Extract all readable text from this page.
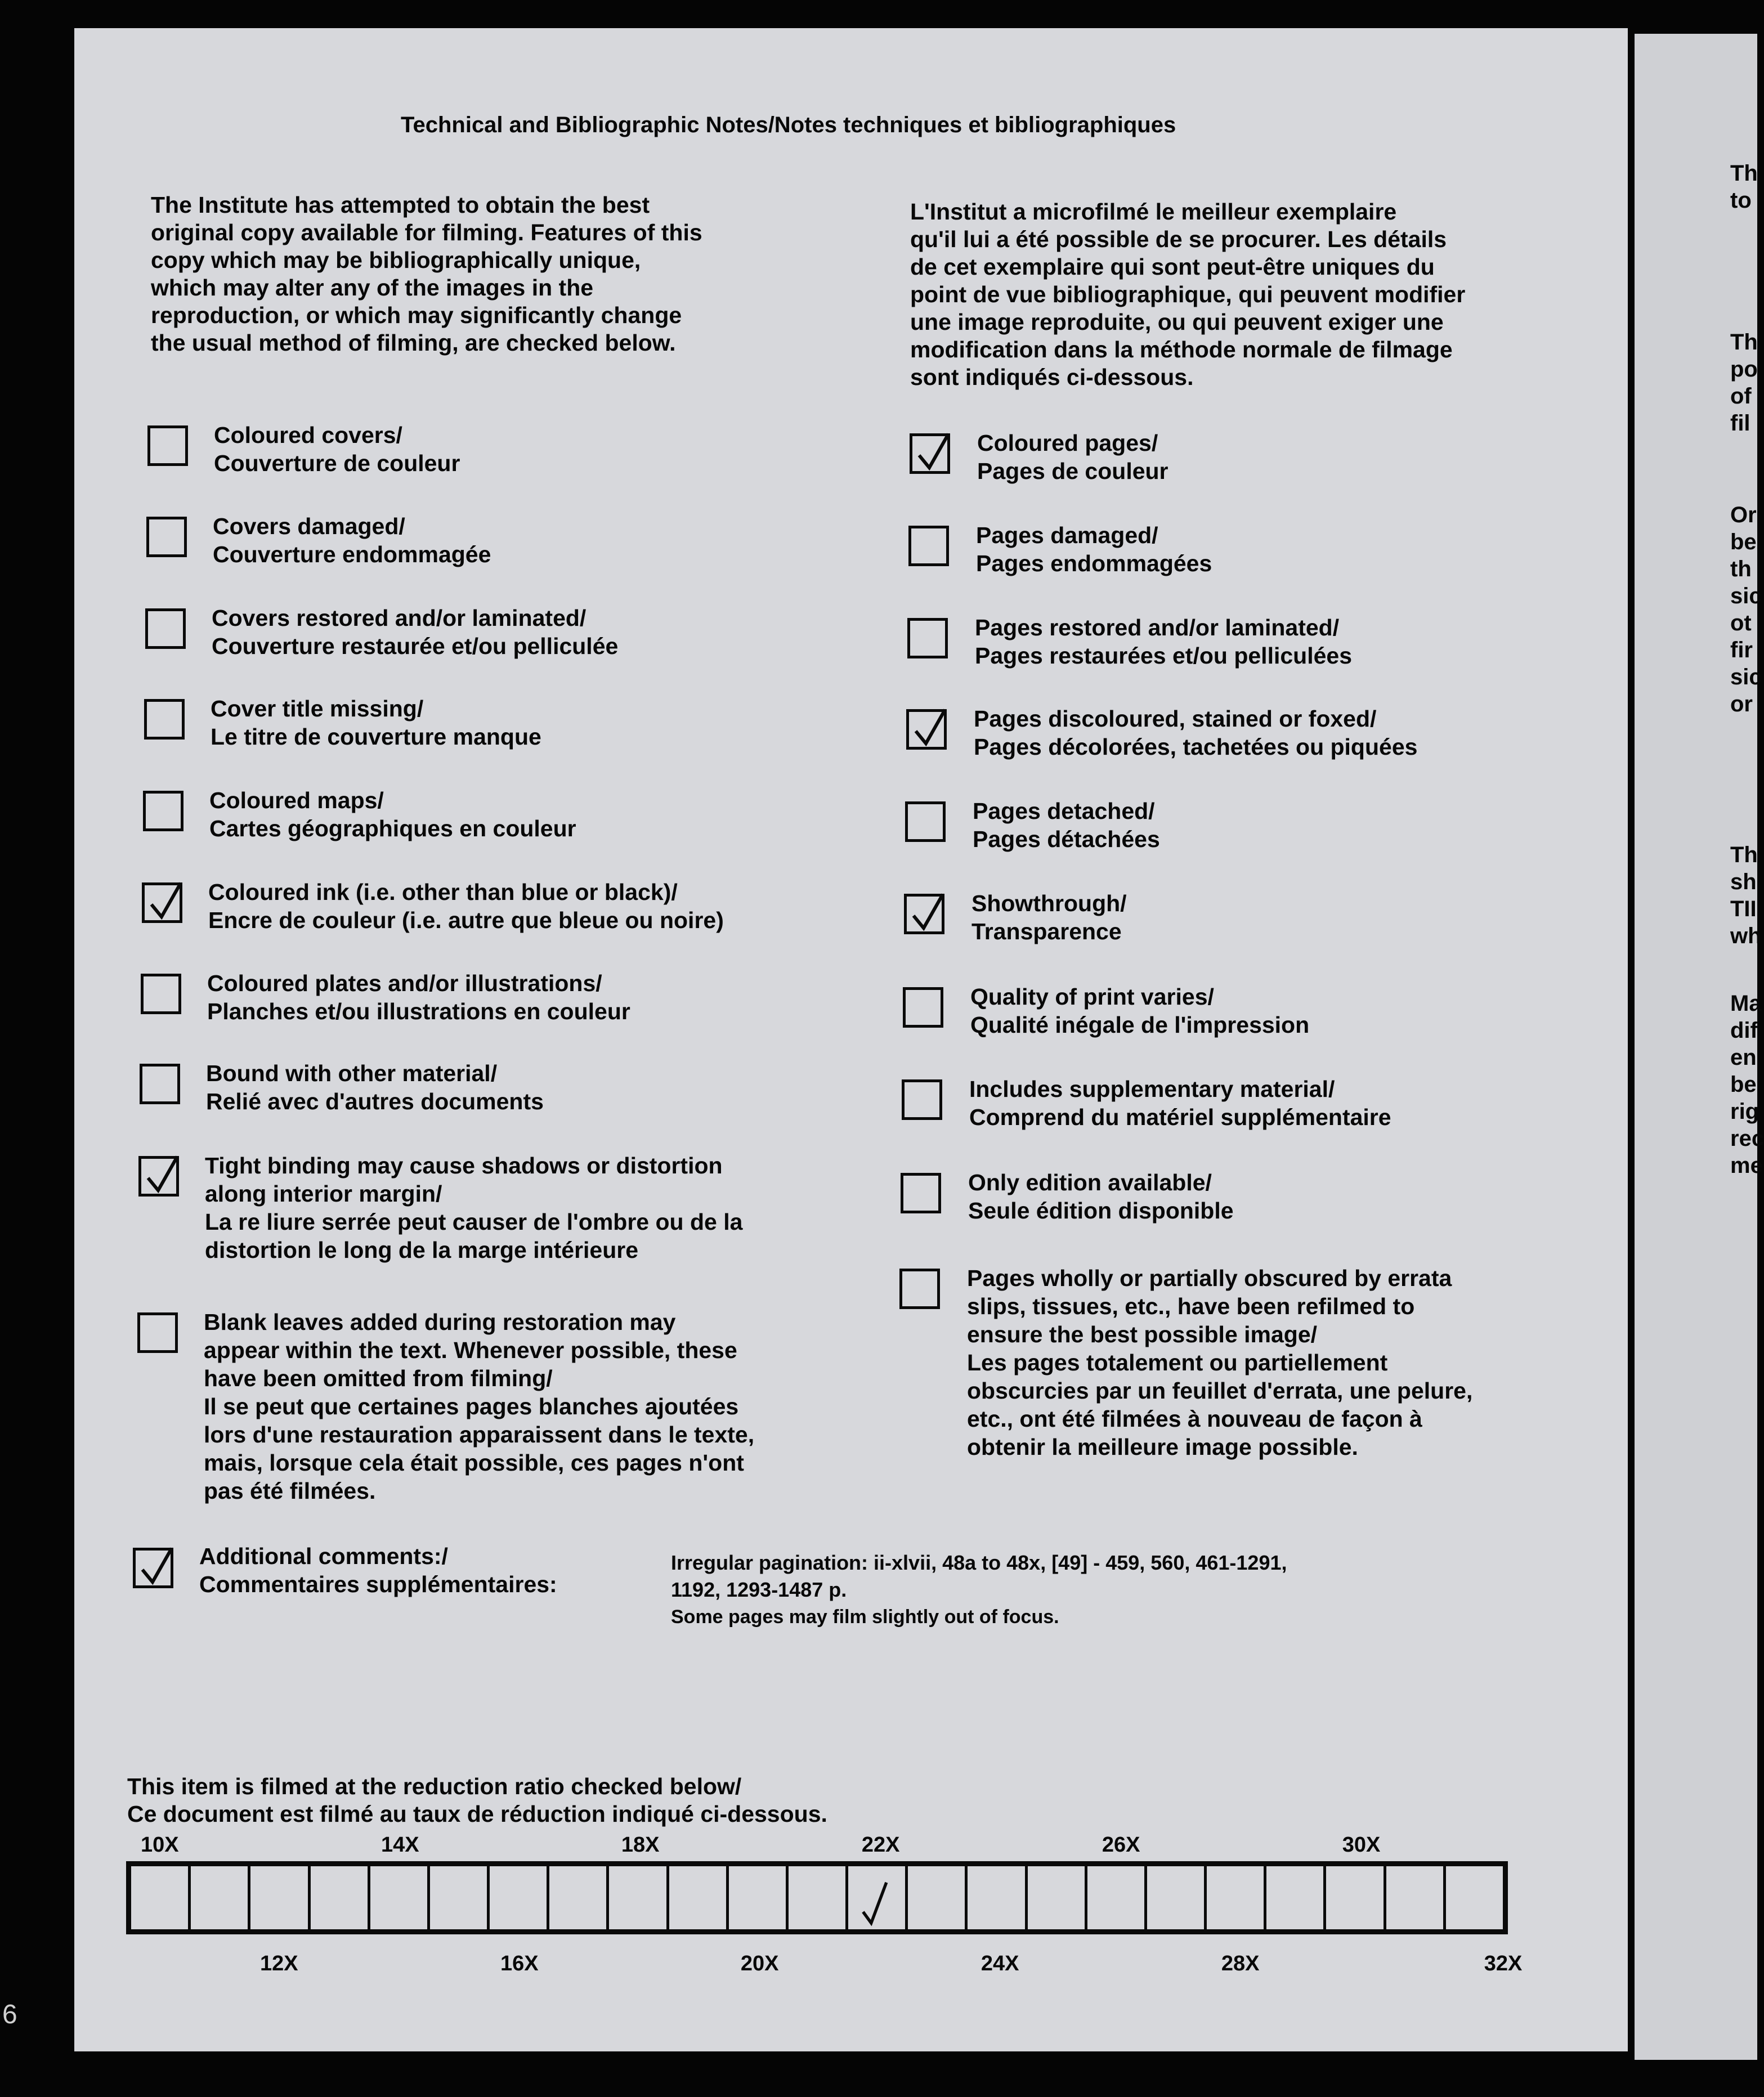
Technical and Bibliographic Notes/Notes techniques et bibliographiques
The Institute has attempted to obtain the best
original copy available for filming. Features of this
copy which may be bibliographically unique,
which may alter any of the images in the
reproduction, or which may significantly change
the usual method of filming, are checked below.
L'Institut a microfilmé le meilleur exemplaire
qu'il lui a été possible de se procurer. Les détails
de cet exemplaire qui sont peut-être uniques du
point de vue bibliographique, qui peuvent modifier
une image reproduite, ou qui peuvent exiger une
modification dans la méthode normale de filmage
sont indiqués ci-dessous.
Coloured covers/
Couverture de couleur
Covers damaged/
Couverture endommagée
Covers restored and/or laminated/
Couverture restaurée et/ou pelliculée
Cover title missing/
Le titre de couverture manque
Coloured maps/
Cartes géographiques en couleur
Coloured ink (i.e. other than blue or black)/
Encre de couleur (i.e. autre que bleue ou noire)
Coloured plates and/or illustrations/
Planches et/ou illustrations en couleur
Bound with other material/
Relié avec d'autres documents
Tight binding may cause shadows or distortion
along interior margin/
La re liure serrée peut causer de l'ombre ou de la
distortion le long de la marge intérieure
Blank leaves added during restoration may
appear within the text. Whenever possible, these
have been omitted from filming/
Il se peut que certaines pages blanches ajoutées
lors d'une restauration apparaissent dans le texte,
mais, lorsque cela était possible, ces pages n'ont
pas été filmées.
Coloured pages/
Pages de couleur
Pages damaged/
Pages endommagées
Pages restored and/or laminated/
Pages restaurées et/ou pelliculées
Pages discoloured, stained or foxed/
Pages décolorées, tachetées ou piquées
Pages detached/
Pages détachées
Showthrough/
Transparence
Quality of print varies/
Qualité inégale de l'impression
Includes supplementary material/
Comprend du matériel supplémentaire
Only edition available/
Seule édition disponible
Pages wholly or partially obscured by errata
slips, tissues, etc., have been refilmed to
ensure the best possible image/
Les pages totalement ou partiellement
obscurcies par un feuillet d'errata, une pelure,
etc., ont été filmées à nouveau de façon à
obtenir la meilleure image possible.
Additional comments:/
Commentaires supplémentaires:
Irregular pagination: ii-xlvii, 48a to 48x, [49] - 459, 560, 461-1291,
1192, 1293-1487 p.
Some pages may film slightly out of focus.
This item is filmed at the reduction ratio checked below/
Ce document est filmé au taux de réduction indiqué ci-dessous.
10X	14X	18X	22X	26X	30X
12X	16X	20X	24X	28X	32X
Th
to
Th
po
of
fil
Or
be
th
sic
ot
fir
sic
or
Th
sh
TII
wh
Ma
dif
en
be
rig
rec
me
6
